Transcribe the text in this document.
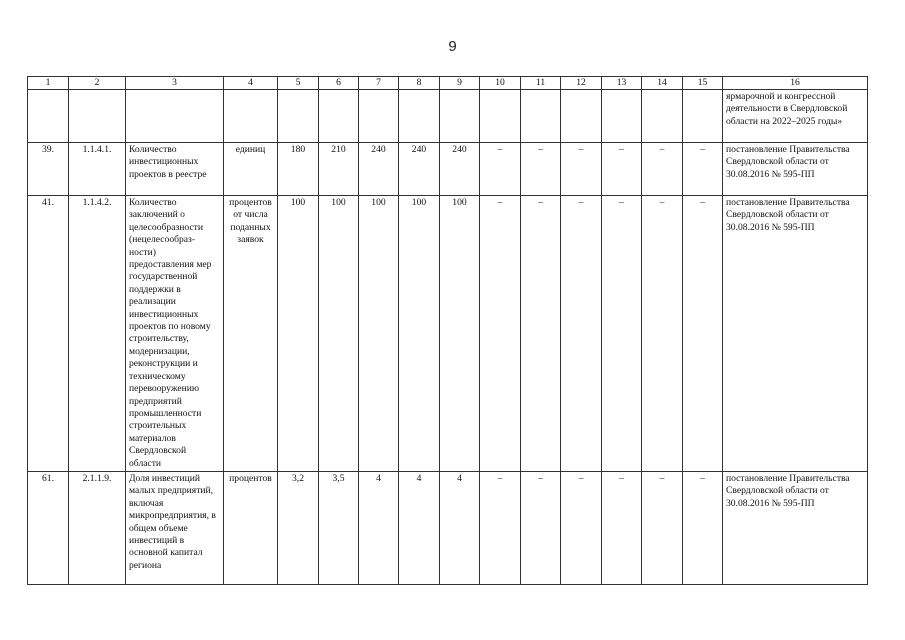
9
1	2	3	4	5	6	7	8	9	10	11	12	13	14	15	16
															ярмарочной и конгрессной деятельности в Свердловской области на 2022–2025 годы»
39.	1.1.4.1.	Количество инвестиционных проектов в реестре	единиц	180	210	240	240	240	–	–	–	–	–	–	постановление Правительства Свердловской области от 30.08.2016 № 595-ПП
41.	1.1.4.2.	Количество заключений о целесообразности (нецелесообраз-ности) предоставления мер государственной поддержки в реализации инвестиционных проектов по новому строительству, модернизации, реконструкции и техническому перевооружению предприятий промышленности строительных материалов Свердловской области	процентов от числа поданных заявок	100	100	100	100	100	–	–	–	–	–	–	постановление Правительства Свердловской области от 30.08.2016 № 595-ПП
61.	2.1.1.9.	Доля инвестиций малых предприятий, включая микропредприятия, в общем объеме инвестиций в основной капитал региона	процентов	3,2	3,5	4	4	4	–	–	–	–	–	–	постановление Правительства Свердловской области от 30.08.2016 № 595-ПП
